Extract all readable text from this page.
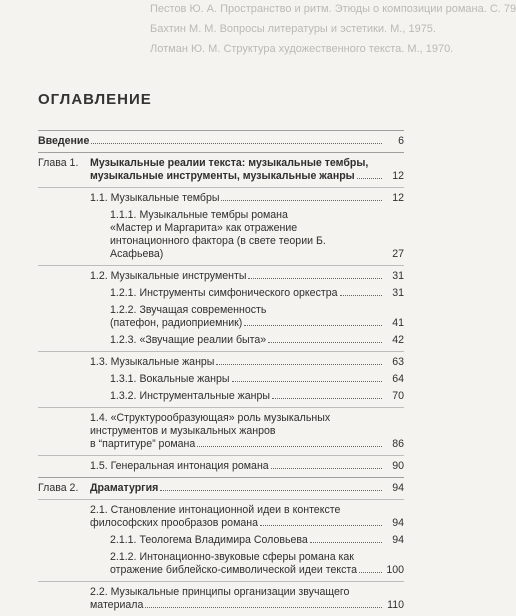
Пестов Ю. А. Пространство и ритм. Этюды о композиции романа. С. 79
Бахтин М. М. Вопросы литературы и эстетики. М., 1975.
Лотман Ю. М. Структура художественного текста. М., 1970.
ОГЛАВЛЕНИЕ
Введение	6
Глава 1. Музыкальные реалии текста: музыкальные тембры,
музыкальные инструменты, музыкальные жанры	12
1.1. Музыкальные тембры	12
1.1.1. Музыкальные тембры романа
«Мастер и Маргарита» как отражение
интонационного фактора (в свете теории Б. Асафьева)	27
1.2. Музыкальные инструменты	31
1.2.1. Инструменты симфонического оркестра	31
1.2.2. Звучащая современность
(патефон, радиоприемник)	41
1.2.3. «Звучащие реалии быта»	42
1.3. Музыкальные жанры	63
1.3.1. Вокальные жанры	64
1.3.2. Инструментальные жанры	70
1.4. «Структурообразующая» роль музыкальных
инструментов и музыкальных жанров
в “партитуре” романа	86
1.5. Генеральная интонация романа	90
Глава 2. Драматургия	94
2.1. Становление интонационной идеи в контексте
философских прообразов романа	94
2.1.1. Теологема Владимира Соловьева	94
2.1.2. Интонационно-звуковые сферы романа как
отражение библейско-символической идеи текста	100
2.2. Музыкальные принципы организации звучащего
материала	110
